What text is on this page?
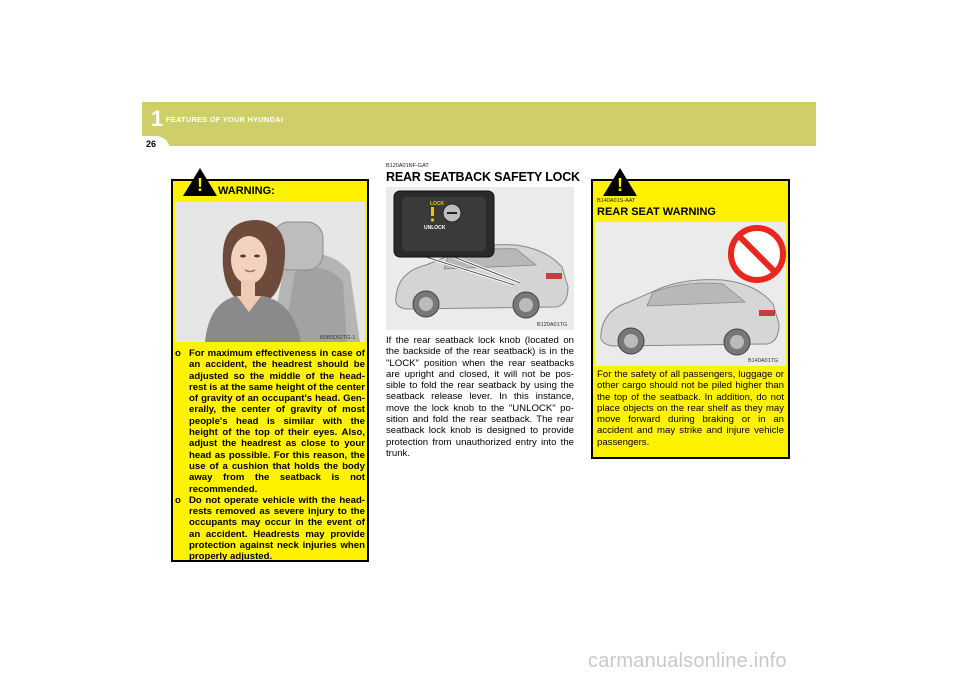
1 FEATURES OF YOUR HYUNDAI
26
!	WARNING:
B080D02TG-1
o For maximum effectiveness in case of an accident, the headrest should be adjusted so the middle of the head-rest is at the same height of the center of gravity of an occupant's head. Gen-erally, the center of gravity of most people's head is similar with the height of the top of their eyes. Also, adjust the headrest as close to your head as possible. For this reason, the use of a cushion that holds the body away from the seatback is not recommended.
o Do not operate vehicle with the head-rests removed as severe injury to the occupants may occur in the event of an accident. Headrests may provide protection against neck injuries when properly adjusted.
B120A01NF-GAT
REAR SEATBACK SAFETY LOCK
LOCK
UNLOCK
B120A01TG
If the rear seatback lock knob (located on the backside of the rear seatback) is in the "LOCK" position when the rear seatbacks are upright and closed, it will not be pos-sible to fold the rear seatback by using the seatback release lever. In this instance, move the lock knob to the "UNLOCK" po-sition and fold the rear seatback. The rear seatback lock knob is designed to provide protection from unauthorized entry into the trunk.
!
B140A01S-AAT
REAR SEAT WARNING
B140A01TG
For the safety of all passengers, luggage or other cargo should not be piled higher than the top of the seatback. In addition, do not place objects on the rear shelf as they may move forward during braking or in an accident and may strike and injure vehicle passengers.
carmanualsonline.info
